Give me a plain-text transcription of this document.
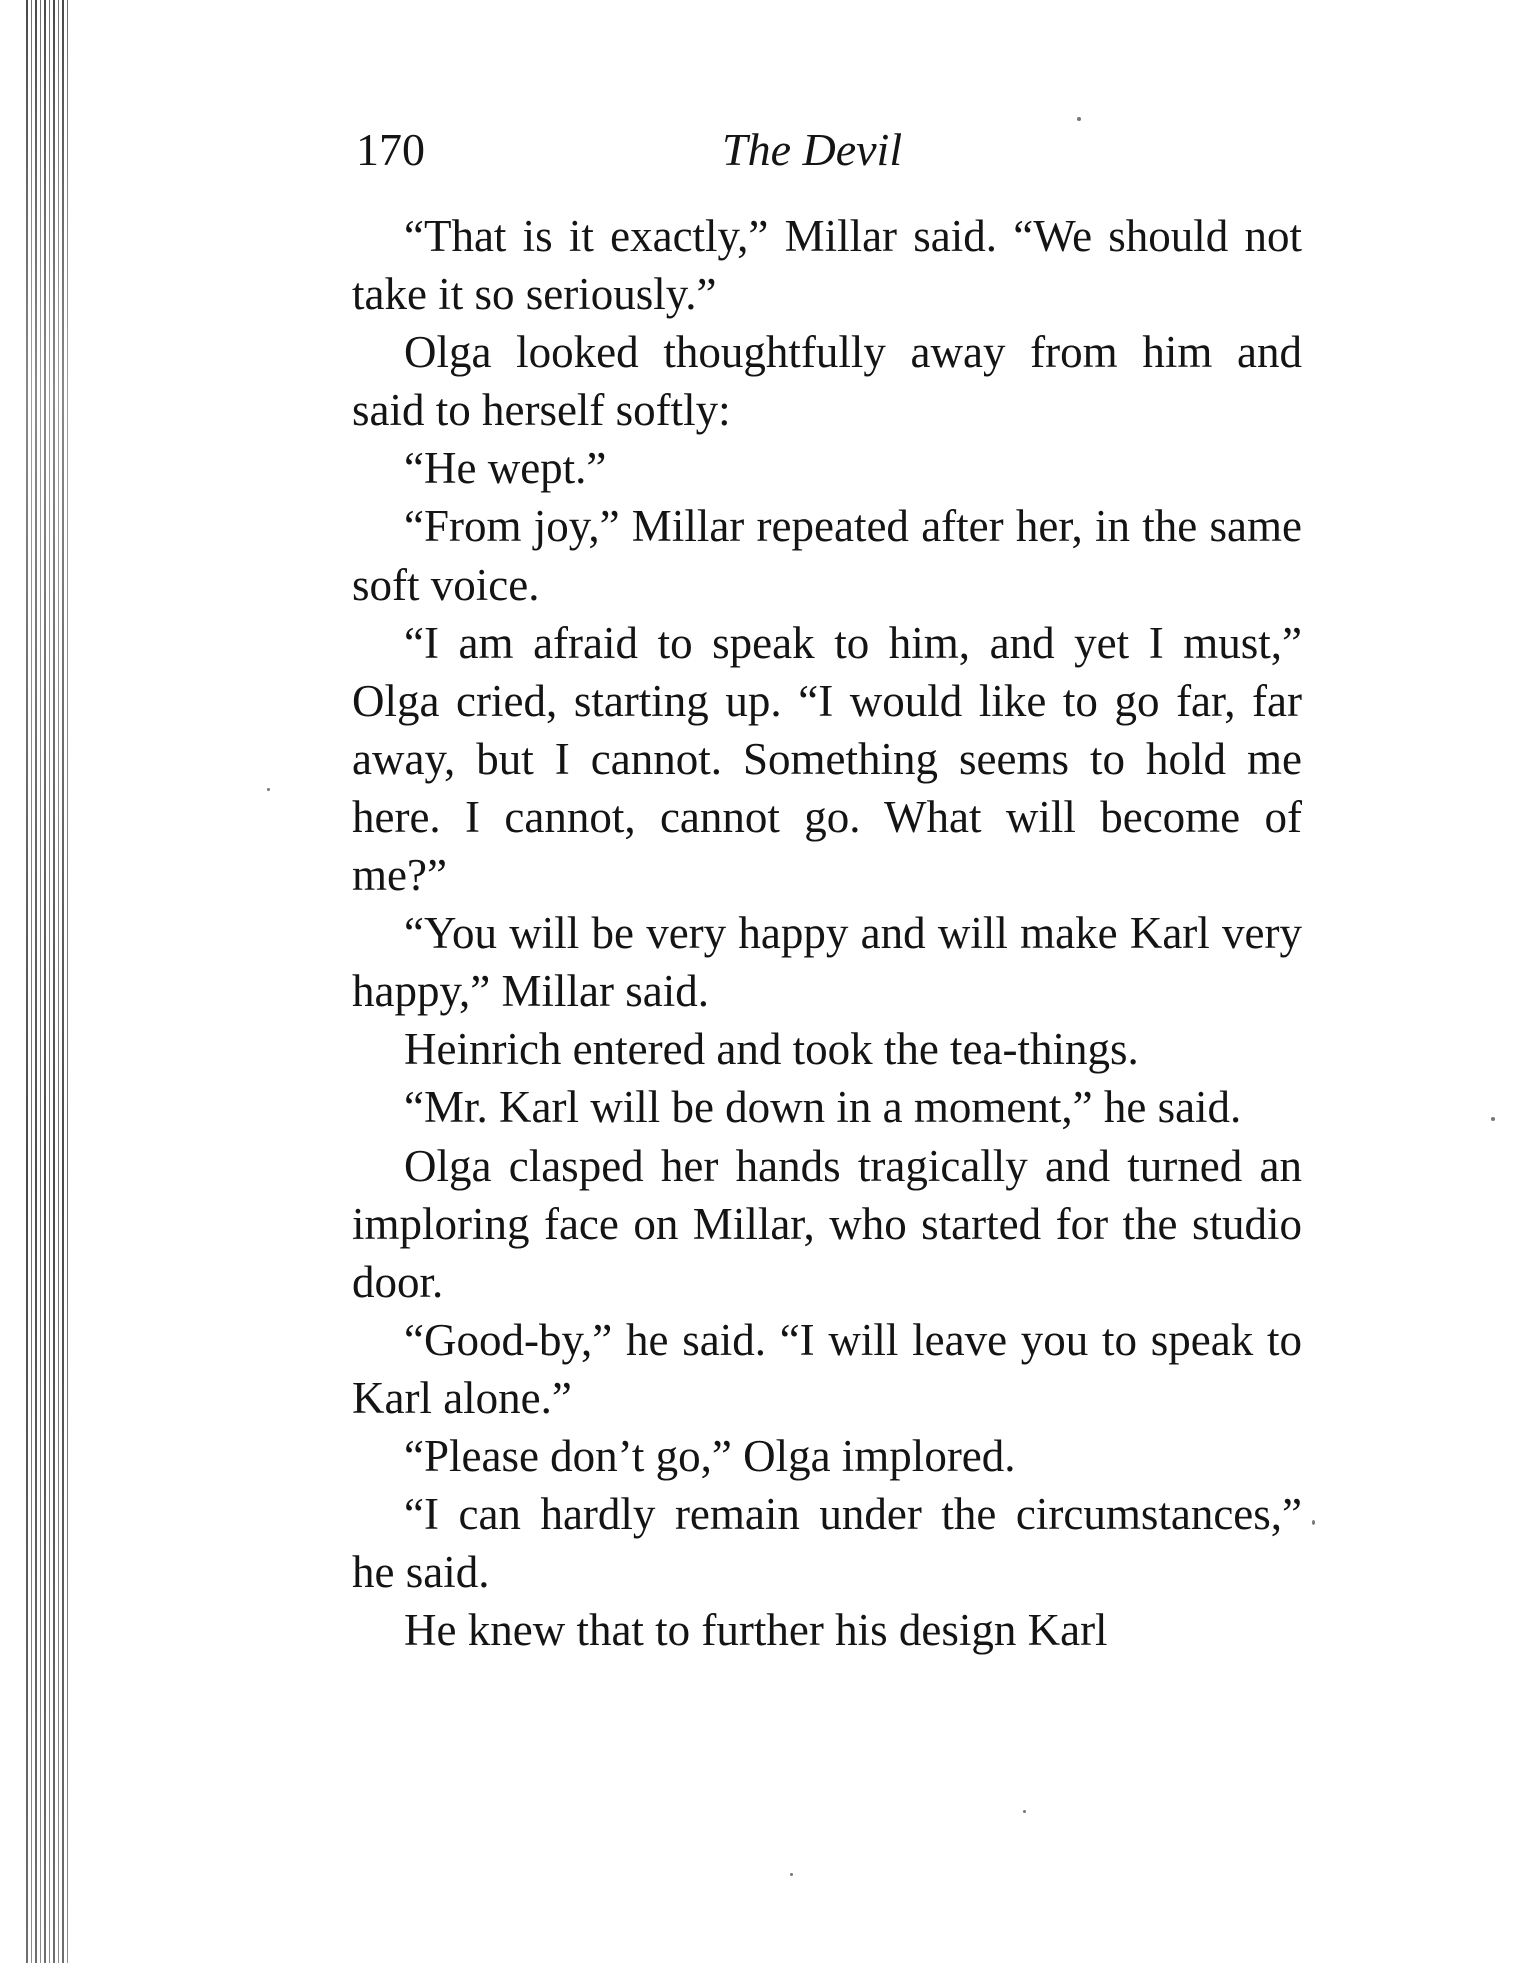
170	The Devil

“That is it exactly,” Millar said. “We should not take it so seriously.”

Olga looked thoughtfully away from him and said to herself softly:

“He wept.”

“From joy,” Millar repeated after her, in the same soft voice.

“I am afraid to speak to him, and yet I must,” Olga cried, starting up. “I would like to go far, far away, but I cannot. Something seems to hold me here. I cannot, cannot go. What will become of me?”

“You will be very happy and will make Karl very happy,” Millar said.

Heinrich entered and took the tea-things.

“Mr. Karl will be down in a moment,” he said.

Olga clasped her hands tragically and turned an imploring face on Millar, who started for the studio door.

“Good-by,” he said. “I will leave you to speak to Karl alone.”

“Please don’t go,” Olga implored.

“I can hardly remain under the circumstances,” he said.

He knew that to further his design Karl
